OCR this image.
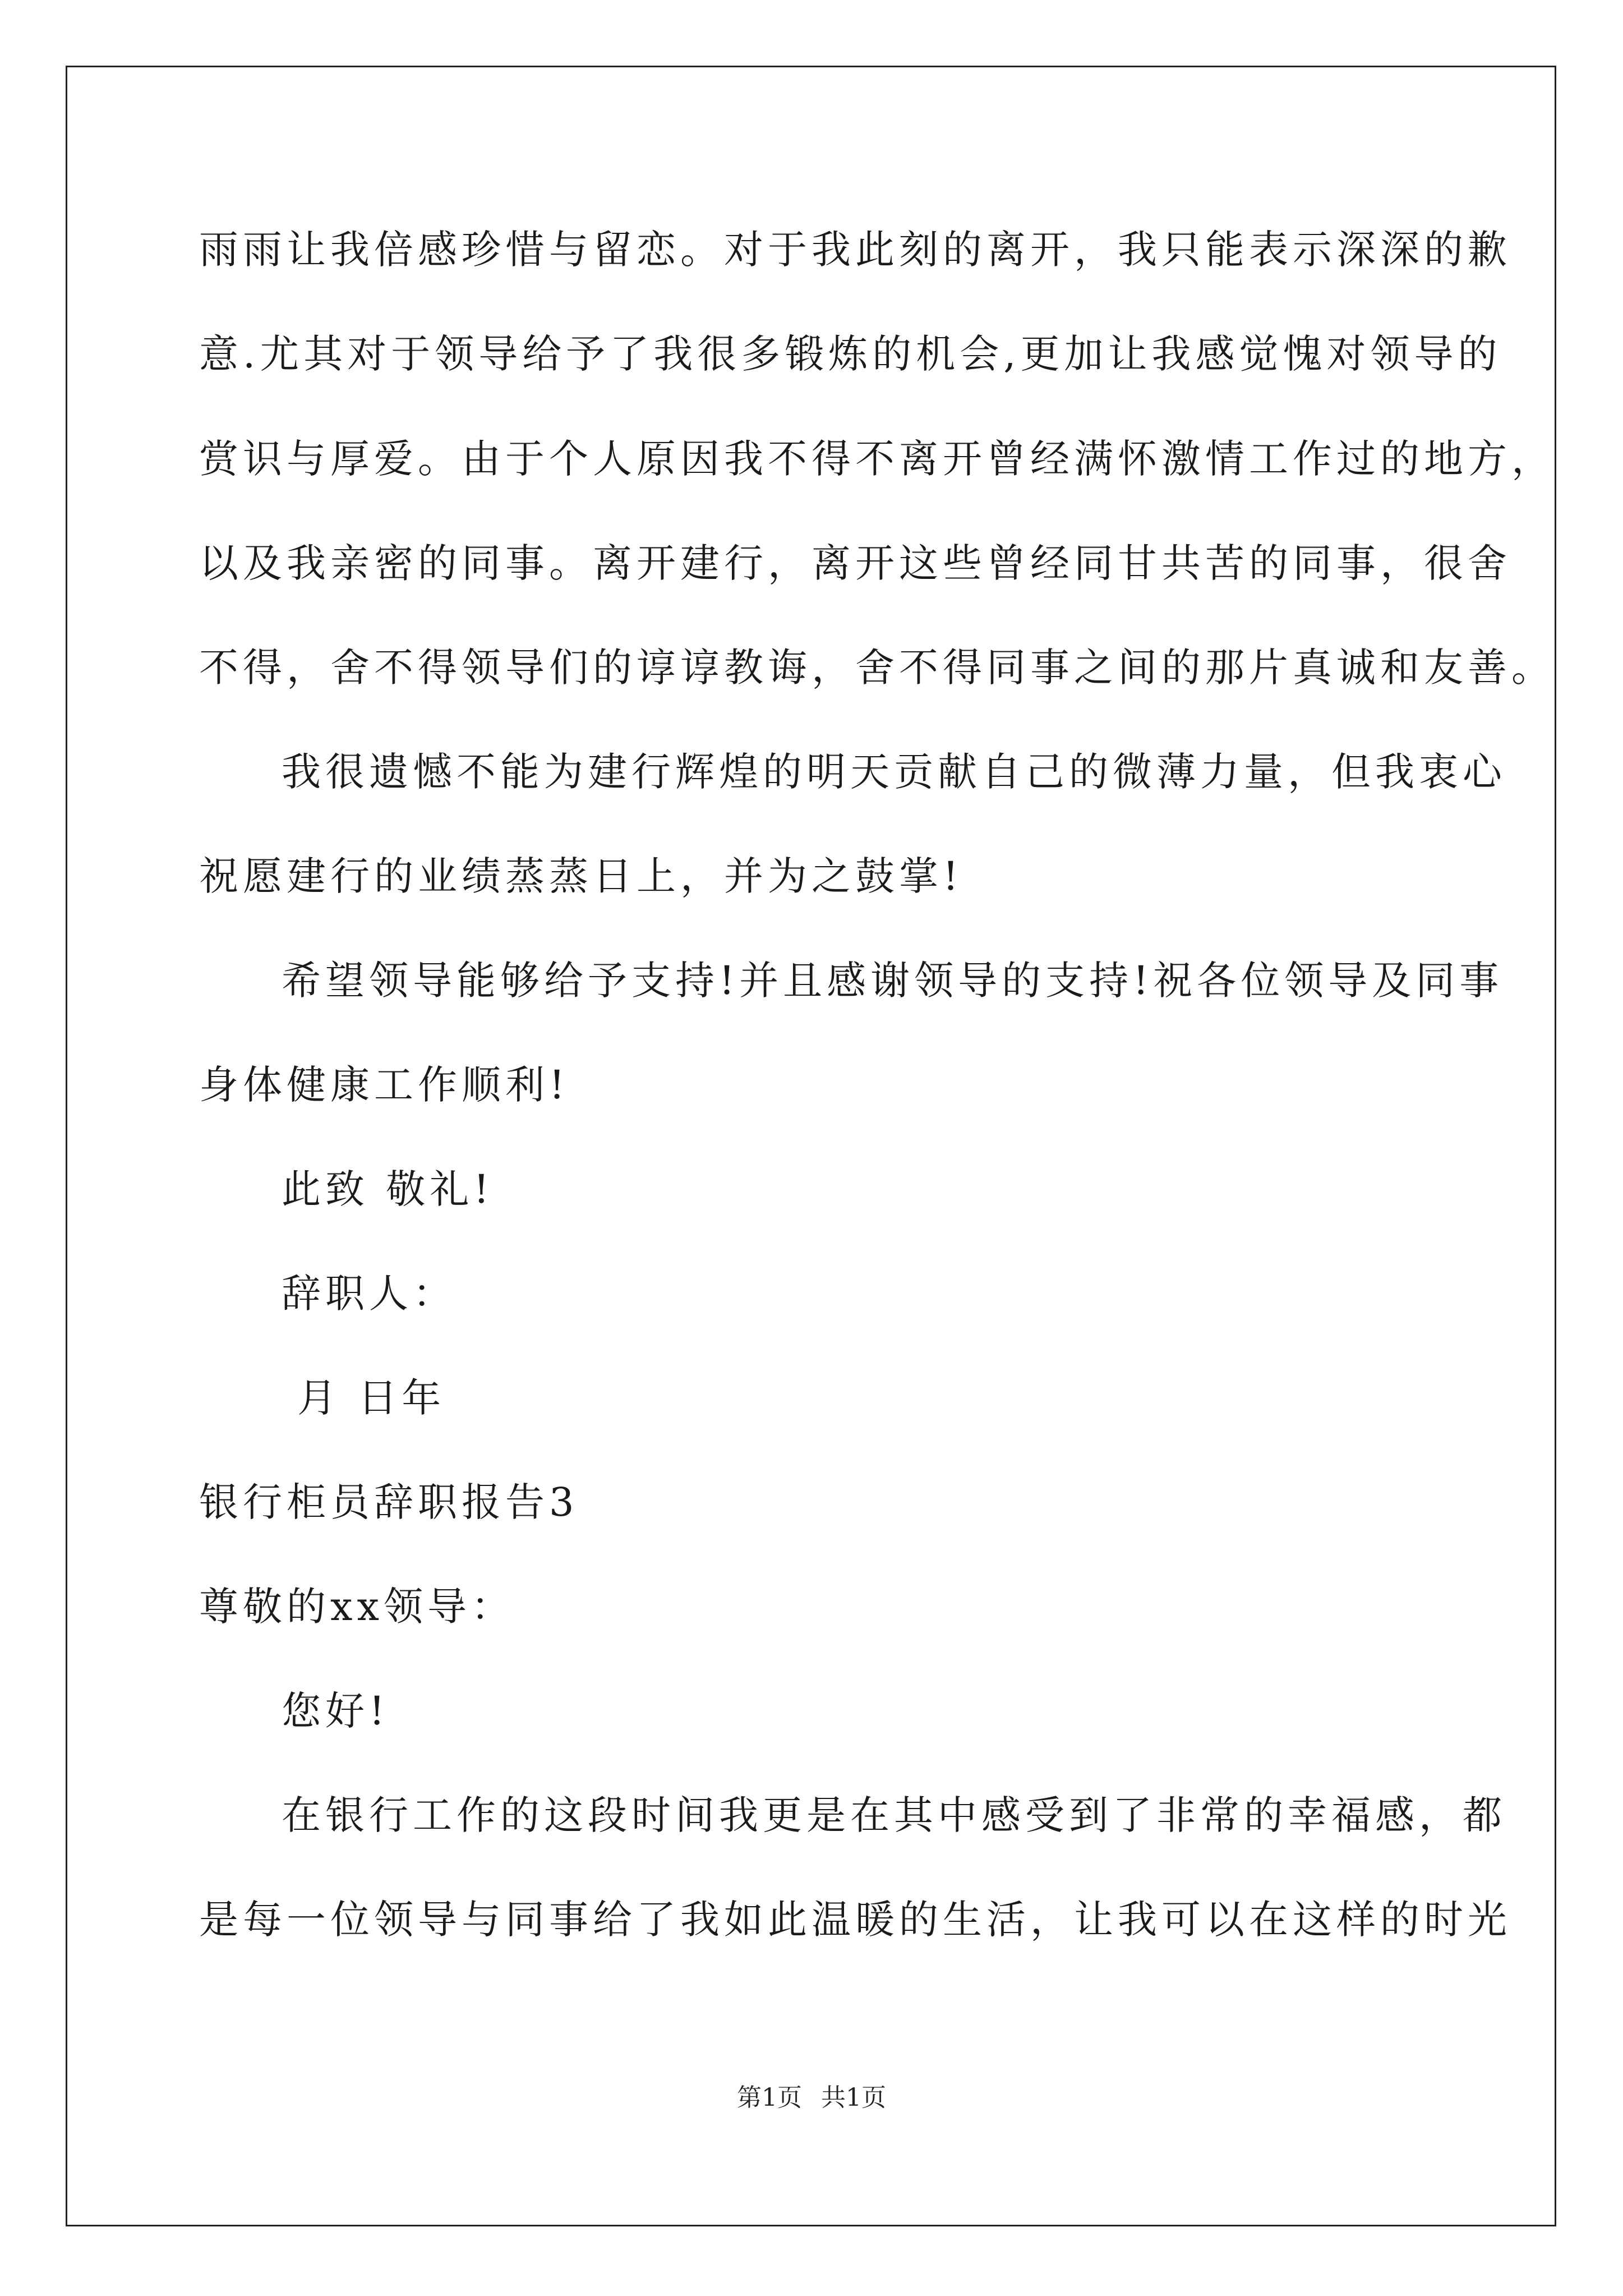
雨雨让我倍感珍惜与留恋。对于我此刻的离开，我只能表示深深的歉
意.尤其对于领导给予了我很多锻炼的机会,更加让我感觉愧对领导的
赏识与厚爱。由于个人原因我不得不离开曾经满怀激情工作过的地方，
以及我亲密的同事。离开建行，离开这些曾经同甘共苦的同事，很舍
不得，舍不得领导们的谆谆教诲，舍不得同事之间的那片真诚和友善。
我很遗憾不能为建行辉煌的明天贡献自己的微薄力量，但我衷心
祝愿建行的业绩蒸蒸日上，并为之鼓掌!
希望领导能够给予支持!并且感谢领导的支持!祝各位领导及同事
身体健康工作顺利!
此致 敬礼!
辞职人：
月 日年
银行柜员辞职报告3
尊敬的xx领导：
您好!
在银行工作的这段时间我更是在其中感受到了非常的幸福感，都
是每一位领导与同事给了我如此温暖的生活，让我可以在这样的时光
第1页 共1页
